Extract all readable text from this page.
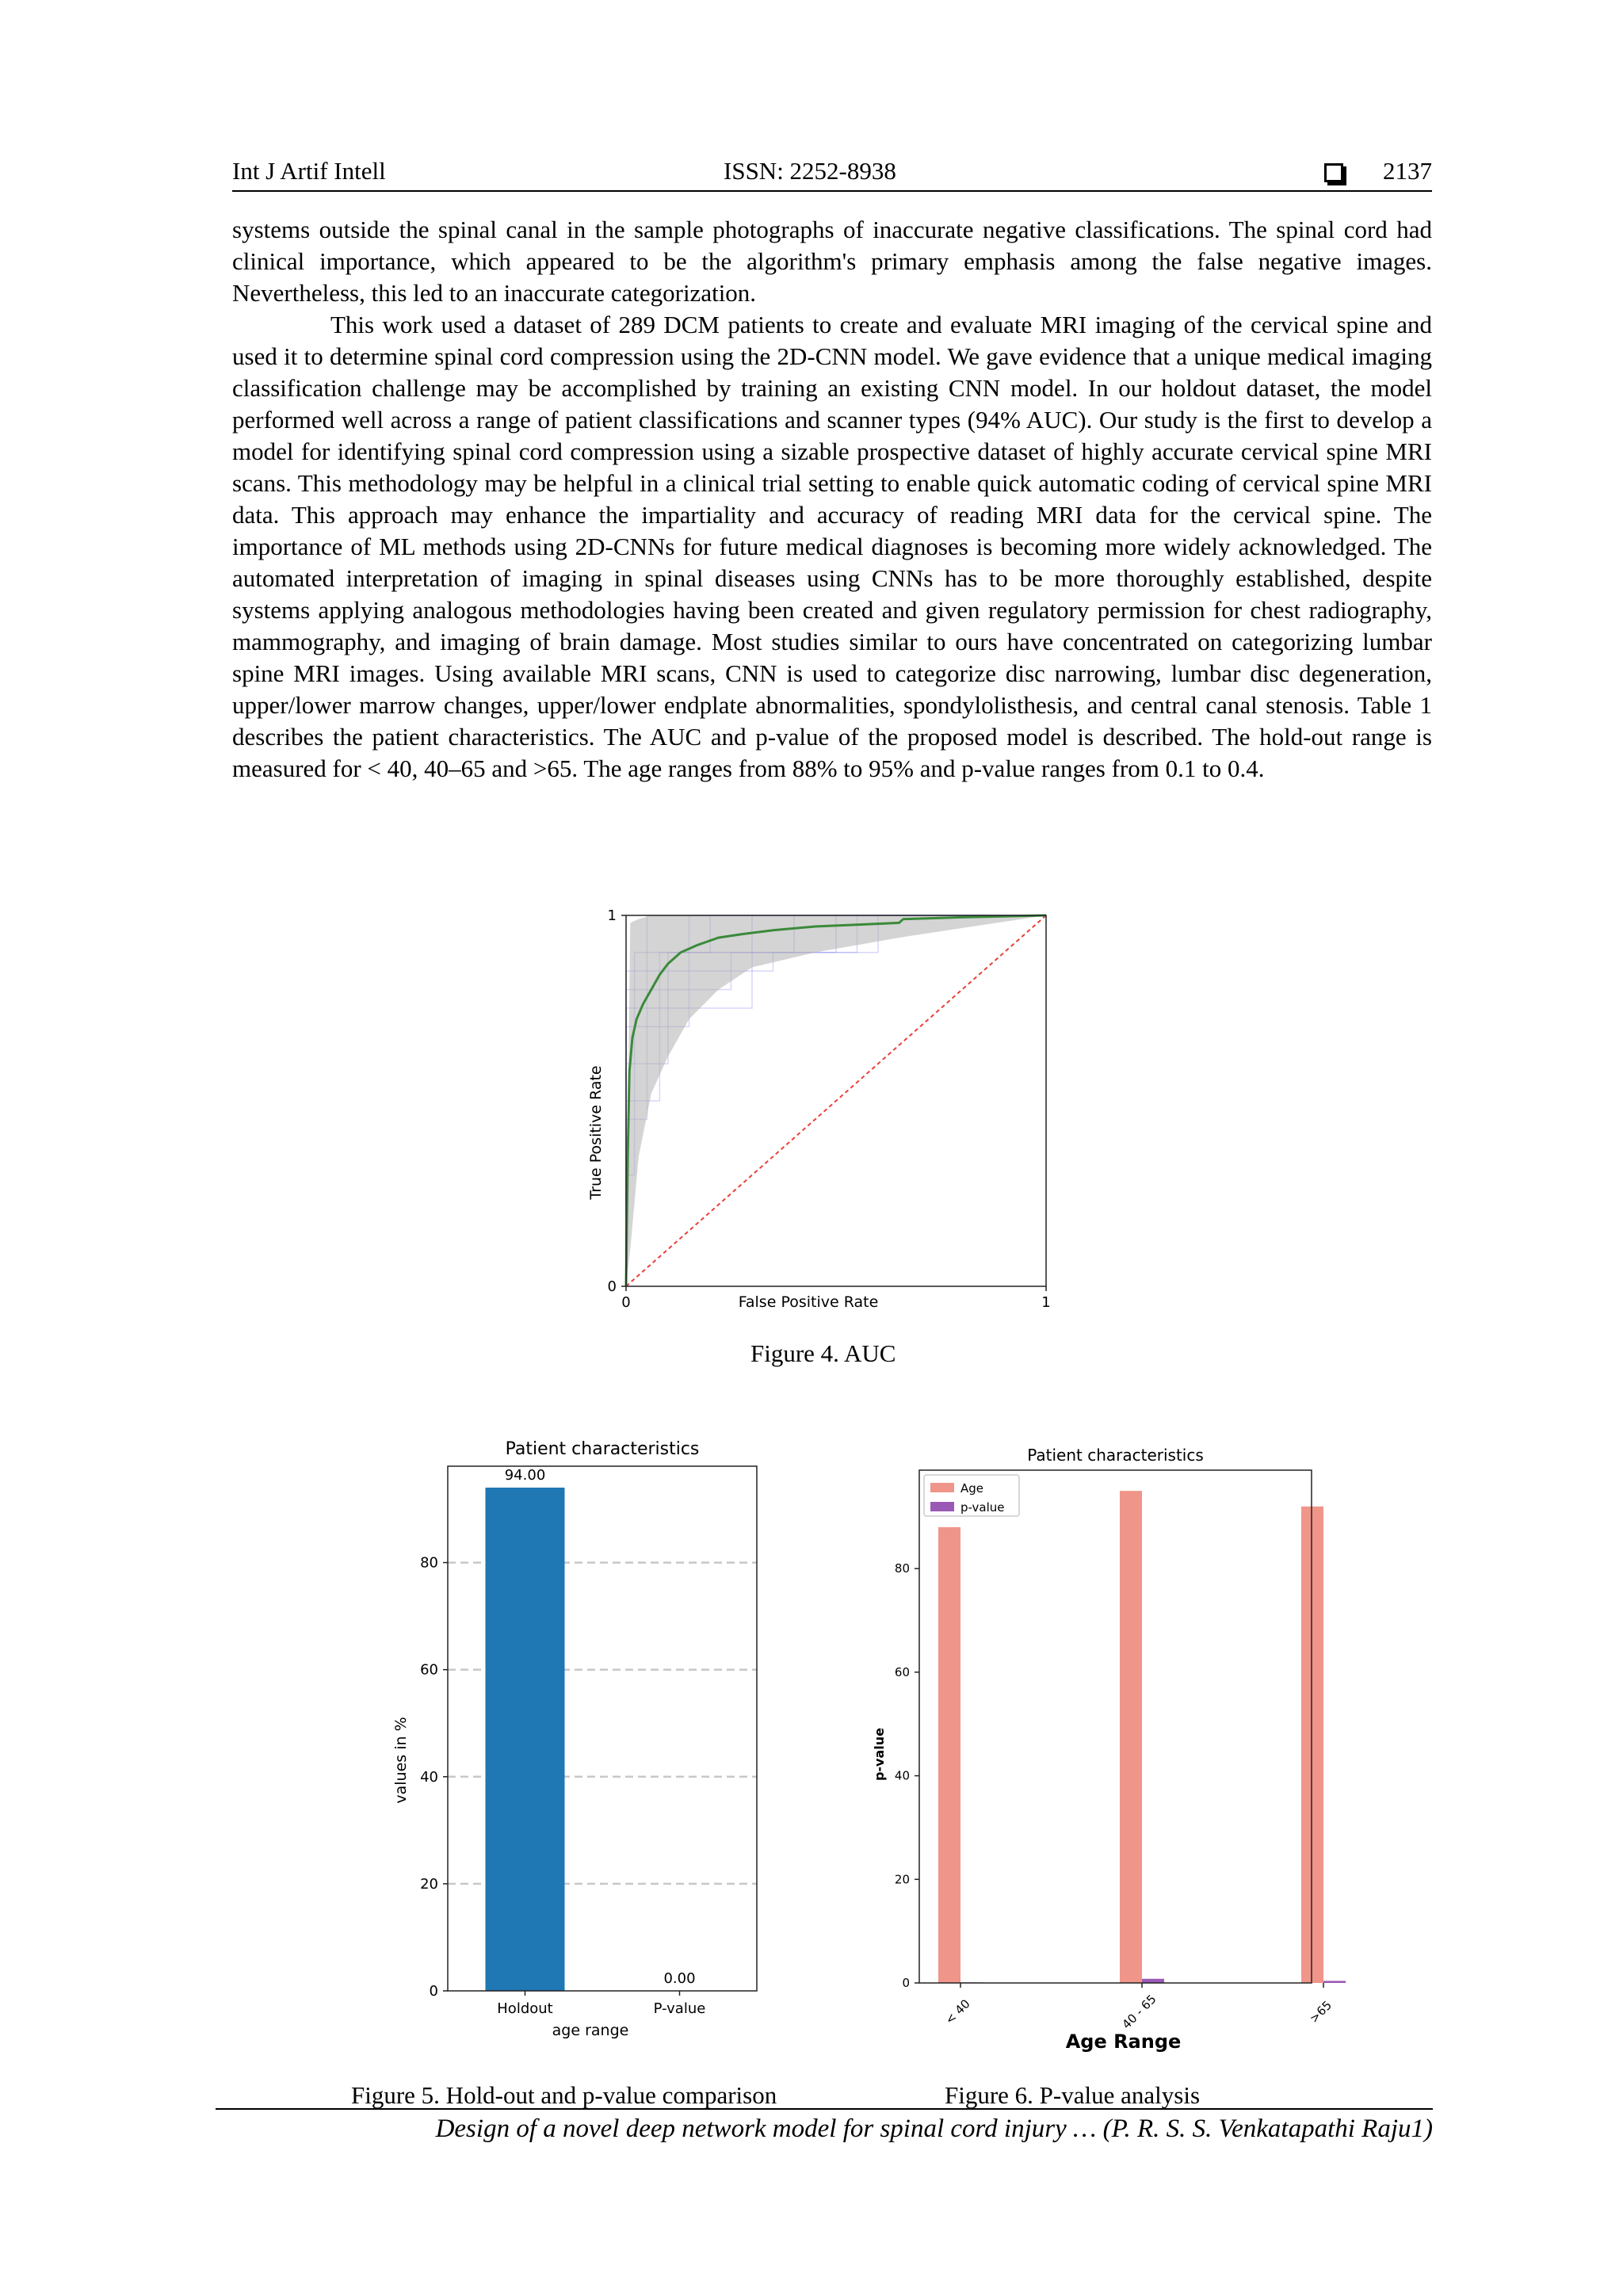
Int J Artif Intell	ISSN: 2252-8938	2137

systems outside the spinal canal in the sample photographs of inaccurate negative classifications. The spinal cord had clinical importance, which appeared to be the algorithm's primary emphasis among the false negative images. Nevertheless, this led to an inaccurate categorization.

This work used a dataset of 289 DCM patients to create and evaluate MRI imaging of the cervical spine and used it to determine spinal cord compression using the 2D-CNN model. We gave evidence that a unique medical imaging classification challenge may be accomplished by training an existing CNN model. In our holdout dataset, the model performed well across a range of patient classifications and scanner types (94% AUC). Our study is the first to develop a model for identifying spinal cord compression using a sizable prospective dataset of highly accurate cervical spine MRI scans. This methodology may be helpful in a clinical trial setting to enable quick automatic coding of cervical spine MRI data. This approach may enhance the impartiality and accuracy of reading MRI data for the cervical spine. The importance of ML methods using 2D-CNNs for future medical diagnoses is becoming more widely acknowledged. The automated interpretation of imaging in spinal diseases using CNNs has to be more thoroughly established, despite systems applying analogous methodologies having been created and given regulatory permission for chest radiography, mammography, and imaging of brain damage. Most studies similar to ours have concentrated on categorizing lumbar spine MRI images. Using available MRI scans, CNN is used to categorize disc narrowing, lumbar disc degeneration, upper/lower marrow changes, upper/lower endplate abnormalities, spondylolisthesis, and central canal stenosis. Table 1 describes the patient characteristics. The AUC and p-value of the proposed model is described. The hold-out range is measured for < 40, 40–65 and >65. The age ranges from 88% to 95% and p-value ranges from 0.1 to 0.4.

0	1
0
1
False Positive Rate
True Positive Rate
Figure 4. AUC
Patient characteristics
0
20
40
60
80
94.00
Holdout
0.00
P-value
age range
values in %
Figure 5. Hold-out and p-value comparison
Patient characteristics
0
20
40
60
80
< 40	40 - 65	>65
Age
p-value
Age Range
p-value
Figure 6. P-value analysis
Design of a novel deep network model for spinal cord injury … (P. R. S. S. Venkatapathi Raju1)
